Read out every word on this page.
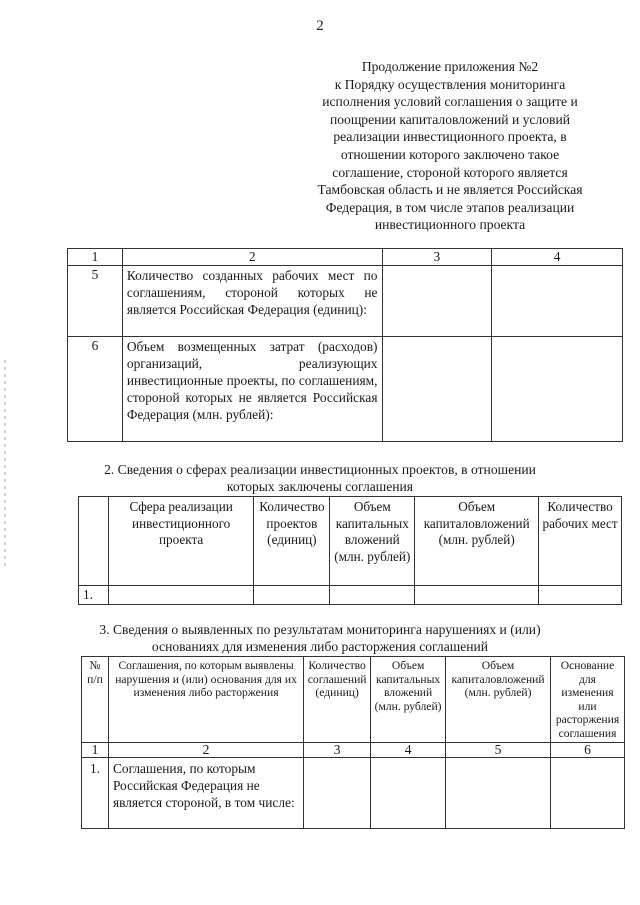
2
Продолжение приложения №2
к Порядку осуществления мониторинга
исполнения условий соглашения о защите и
поощрении капиталовложений и условий
реализации инвестиционного проекта, в
отношении которого заключено такое
соглашение, стороной которого является
Тамбовская область и не является Российская
Федерация, в том числе этапов реализации
инвестиционного проекта
1	2	3	4
5	Количество созданных рабочих мест по соглашениям, стороной которых не является Российская Федерация (единиц):		
6	Объем возмещенных затрат (расходов) организаций, реализующих инвестиционные проекты, по соглашениям, стороной которых не является Российская Федерация (млн. рублей):		
2. Сведения о сферах реализации инвестиционных проектов, в отношении
которых заключены соглашения
	Сфера реализации инвестиционного проекта	Количество проектов (единиц)	Объем капитальных вложений (млн. рублей)	Объем капиталовложений (млн. рублей)	Количество рабочих мест
1.					
3. Сведения о выявленных по результатам мониторинга нарушениях и (или)
основаниях для изменения либо расторжения соглашений
№ п/п	Соглашения, по которым выявлены нарушения и (или) основания для их изменения либо расторжения	Количество соглашений (единиц)	Объем капитальных вложений (млн. рублей)	Объем капиталовложений (млн. рублей)	Основание для изменения или расторжения соглашения
1	2	3	4	5	6
1.	Соглашения, по которым Российская Федерация не является стороной, в том числе:				
